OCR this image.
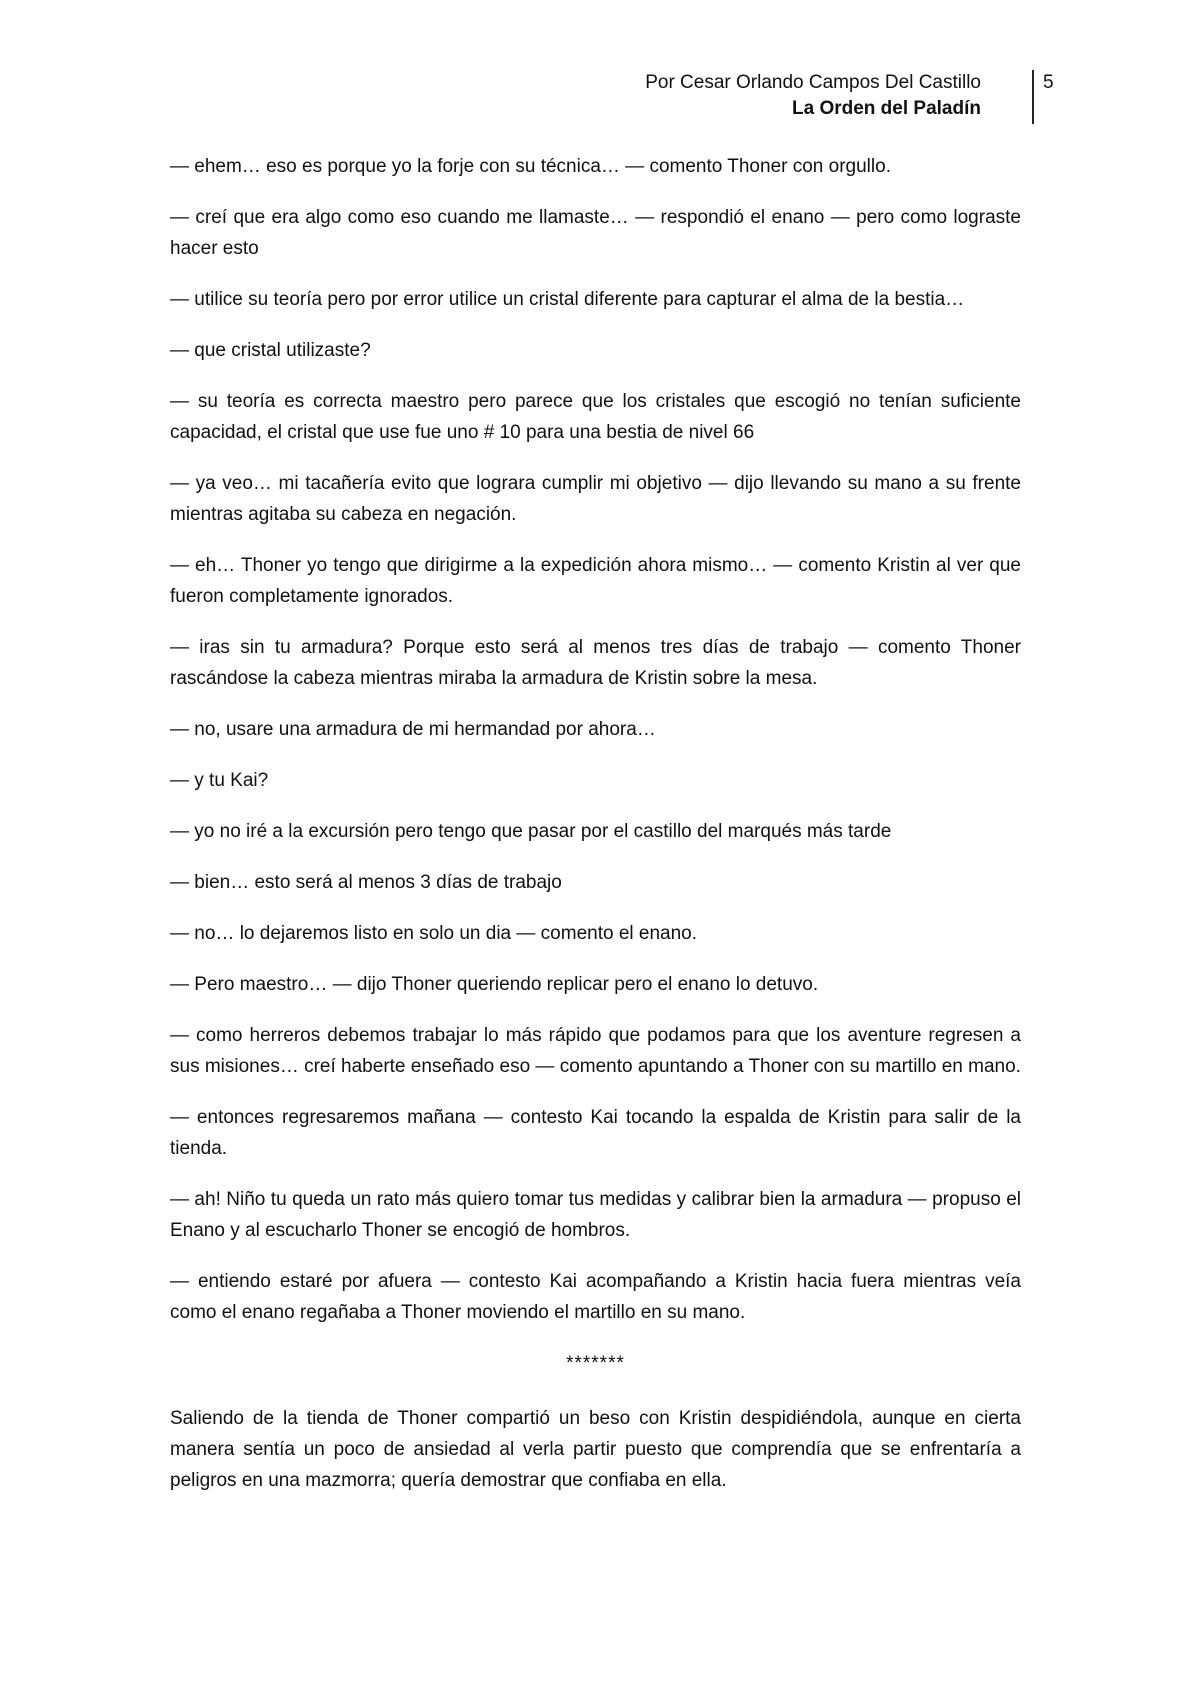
Por Cesar Orlando Campos Del Castillo
La Orden del Paladín
5

— ehem… eso es porque yo la forje con su técnica… — comento Thoner con orgullo.

— creí que era algo como eso cuando me llamaste… — respondió el enano — pero como lograste hacer esto

— utilice su teoría pero por error utilice un cristal diferente para capturar el alma de la bestia…

— que cristal utilizaste?

— su teoría es correcta maestro pero parece que los cristales que escogió no tenían suficiente capacidad, el cristal que use fue uno # 10 para una bestia de nivel 66

— ya veo… mi tacañería evito que lograra cumplir mi objetivo — dijo llevando su mano a su frente mientras agitaba su cabeza en negación.

— eh… Thoner yo tengo que dirigirme a la expedición ahora mismo… — comento Kristin al ver que fueron completamente ignorados.

— iras sin tu armadura? Porque esto será al menos tres días de trabajo — comento Thoner rascándose la cabeza mientras miraba la armadura de Kristin sobre la mesa.

— no, usare una armadura de mi hermandad por ahora…

— y tu Kai?

— yo no iré a la excursión pero tengo que pasar por el castillo del marqués más tarde

— bien… esto será al menos 3 días de trabajo

— no… lo dejaremos listo en solo un dia — comento el enano.

— Pero maestro… — dijo Thoner queriendo replicar pero el enano lo detuvo.

— como herreros debemos trabajar lo más rápido que podamos para que los aventure regresen a sus misiones… creí haberte enseñado eso — comento apuntando a Thoner con su martillo en mano.

— entonces regresaremos mañana — contesto Kai tocando la espalda de Kristin para salir de la tienda.

— ah! Niño tu queda un rato más quiero tomar tus medidas y calibrar bien la armadura — propuso el Enano y al escucharlo Thoner se encogió de hombros.

— entiendo estaré por afuera — contesto Kai acompañando a Kristin hacia fuera mientras veía como el enano regañaba a Thoner moviendo el martillo en su mano.

*******

Saliendo de la tienda de Thoner compartió un beso con Kristin despidiéndola, aunque en cierta manera sentía un poco de ansiedad al verla partir puesto que comprendía que se enfrentaría a peligros en una mazmorra; quería demostrar que confiaba en ella.
